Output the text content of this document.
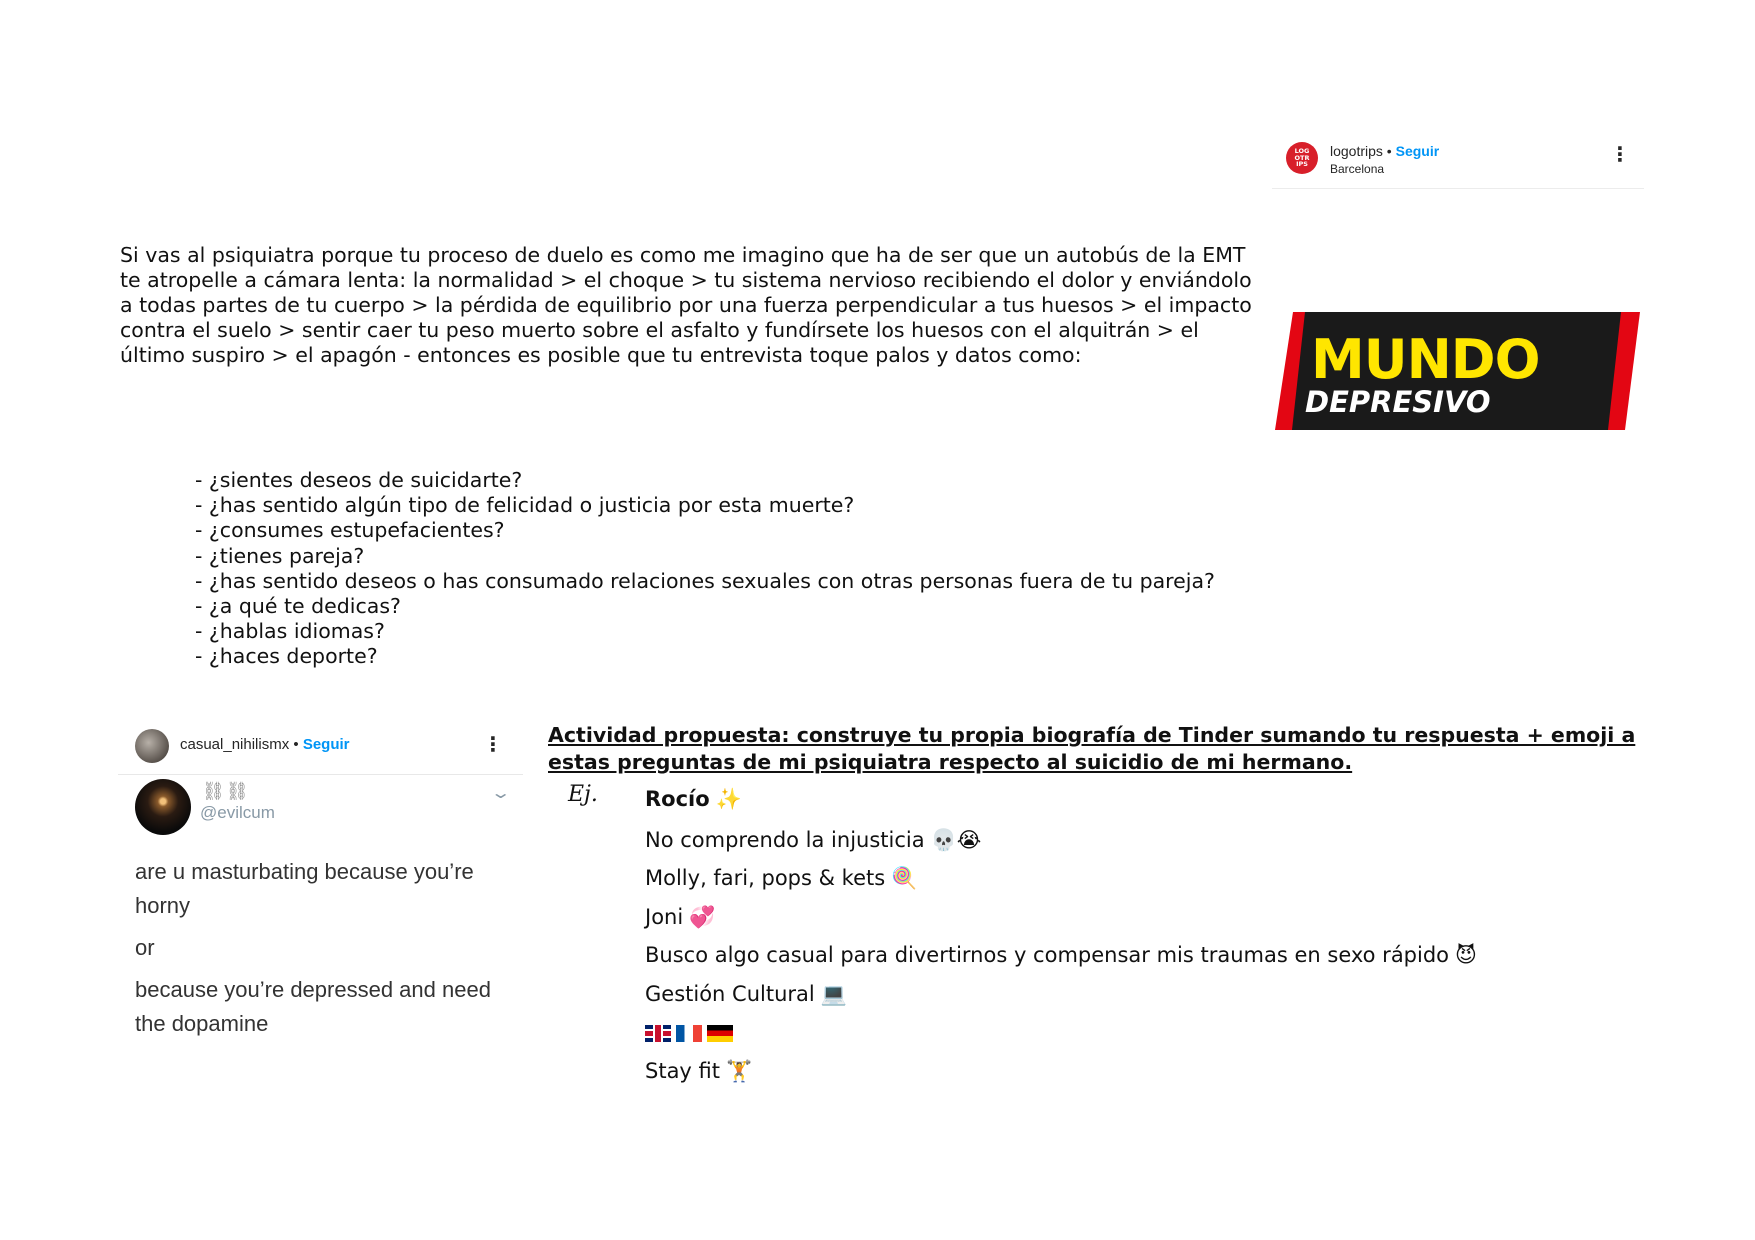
LOG OTR IPS
logotrips • Seguir
Barcelona
⋮
Si vas al psiquiatra porque tu proceso de duelo es como me imagino que ha de ser que un autobús de la EMT te atropelle a cámara lenta: la normalidad > el choque > tu sistema nervioso recibiendo el dolor y enviándolo a todas partes de tu cuerpo > la pérdida de equilibrio por una fuerza perpendicular a tus huesos > el impacto contra el suelo > sentir caer tu peso muerto sobre el asfalto y fundírsete los huesos con el alquitrán > el último suspiro > el apagón - entonces es posible que tu entrevista toque palos y datos como:	MUNDO
DEPRESIVO
- ¿sientes deseos de suicidarte?
- ¿has sentido algún tipo de felicidad o justicia por esta muerte?
- ¿consumes estupefacientes?
- ¿tienes pareja?
- ¿has sentido deseos o has consumado relaciones sexuales con otras personas fuera de tu pareja?
- ¿a qué te dedicas?
- ¿hablas idiomas?
- ¿haces deporte?
casual_nihilismx • Seguir	⋮
⛓⛓
@evilcum
⌄

are u masturbating because you’re horny

or

because you’re depressed and need the dopamine

Actividad propuesta: construye tu propia biografía de Tinder sumando tu respuesta + emoji a estas preguntas de mi psiquiatra respecto al suicidio de mi hermano.
Ej. Rocío ✨
No comprendo la injusticia 💀😭
Molly, fari, pops & kets 🍭
Joni 💞
Busco algo casual para divertirnos y compensar mis traumas en sexo rápido 😈
Gestión Cultural 💻
Stay fit 🏋️
